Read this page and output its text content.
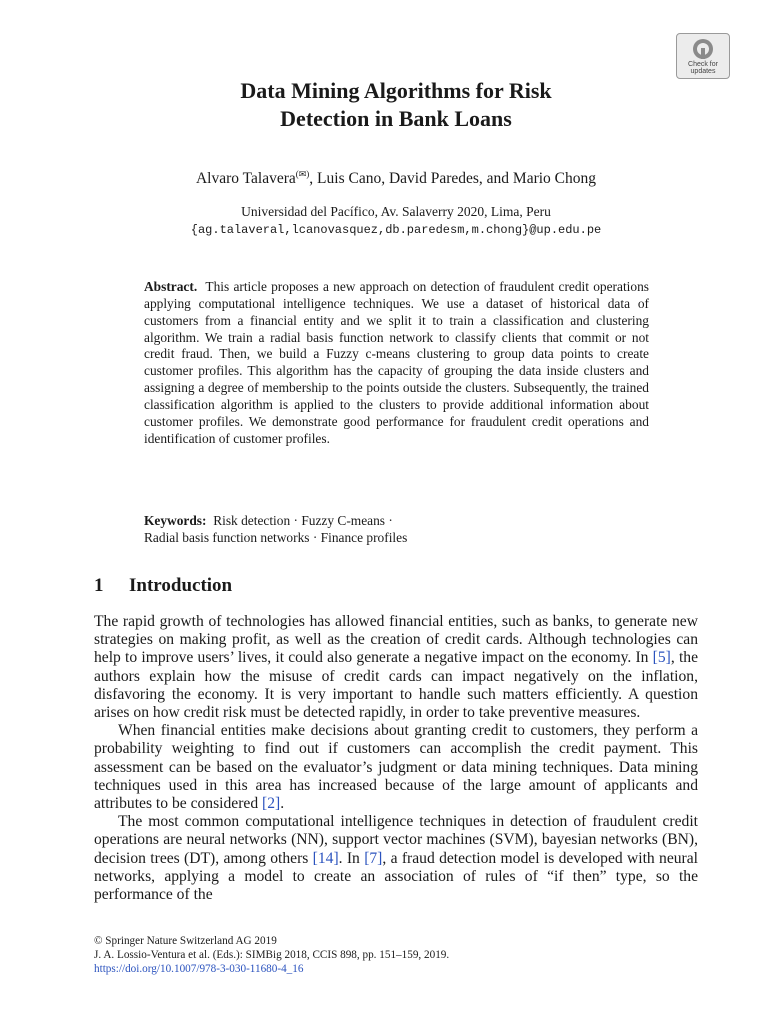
Check for
updates
Data Mining Algorithms for Risk
Detection in Bank Loans
Alvaro Talavera(✉), Luis Cano, David Paredes, and Mario Chong
Universidad del Pacífico, Av. Salaverry 2020, Lima, Peru
{ag.talaveral,lcanovasquez,db.paredesm,m.chong}@up.edu.pe
Abstract. This article proposes a new approach on detection of fraudulent credit operations applying computational intelligence techniques. We use a dataset of historical data of customers from a financial entity and we split it to train a classification and clustering algorithm. We train a radial basis function network to classify clients that commit or not credit fraud. Then, we build a Fuzzy c-means clustering to group data points to create customer profiles. This algorithm has the capacity of grouping the data inside clusters and assigning a degree of membership to the points outside the clusters. Subsequently, the trained classification algorithm is applied to the clusters to provide additional information about customer profiles. We demonstrate good performance for fraudulent credit operations and identification of customer profiles.
Keywords: Risk detection · Fuzzy C-means ·
Radial basis function networks · Finance profiles
1 Introduction

The rapid growth of technologies has allowed financial entities, such as banks, to generate new strategies on making profit, as well as the creation of credit cards. Although technologies can help to improve users’ lives, it could also generate a negative impact on the economy. In [5], the authors explain how the misuse of credit cards can impact negatively on the inflation, disfavoring the economy. It is very important to handle such matters efficiently. A question arises on how credit risk must be detected rapidly, in order to take preventive measures.

When financial entities make decisions about granting credit to customers, they perform a probability weighting to find out if customers can accomplish the credit payment. This assessment can be based on the evaluator’s judgment or data mining techniques. Data mining techniques used in this area has increased because of the large amount of applicants and attributes to be considered [2].

The most common computational intelligence techniques in detection of fraudulent credit operations are neural networks (NN), support vector machines (SVM), bayesian networks (BN), decision trees (DT), among others [14]. In [7], a fraud detection model is developed with neural networks, applying a model to create an association of rules of “if then” type, so the performance of the

© Springer Nature Switzerland AG 2019
J. A. Lossio-Ventura et al. (Eds.): SIMBig 2018, CCIS 898, pp. 151–159, 2019.
https://doi.org/10.1007/978-3-030-11680-4_16
